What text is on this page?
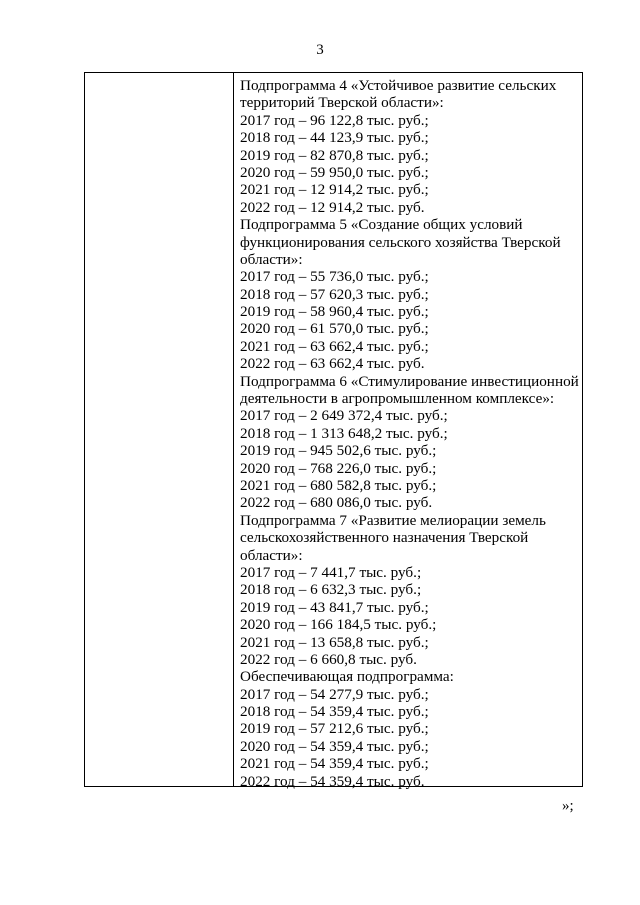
3
Подпрограмма 4 «Устойчивое развитие сельских
территорий Тверской области»:
2017 год – 96 122,8 тыс. руб.;
2018 год – 44 123,9 тыс. руб.;
2019 год – 82 870,8 тыс. руб.;
2020 год – 59 950,0 тыс. руб.;
2021 год – 12 914,2 тыс. руб.;
2022 год – 12 914,2 тыс. руб.
Подпрограмма 5 «Создание общих условий
функционирования сельского хозяйства Тверской
области»:
2017 год – 55 736,0 тыс. руб.;
2018 год – 57 620,3 тыс. руб.;
2019 год – 58 960,4 тыс. руб.;
2020 год – 61 570,0 тыс. руб.;
2021 год – 63 662,4 тыс. руб.;
2022 год – 63 662,4 тыс. руб.
Подпрограмма 6 «Стимулирование инвестиционной
деятельности в агропромышленном комплексе»:
2017 год – 2 649 372,4 тыс. руб.;
2018 год – 1 313 648,2 тыс. руб.;
2019 год – 945 502,6 тыс. руб.;
2020 год – 768 226,0 тыс. руб.;
2021 год – 680 582,8 тыс. руб.;
2022 год – 680 086,0 тыс. руб.
Подпрограмма 7 «Развитие мелиорации земель
сельскохозяйственного назначения Тверской
области»:
2017 год – 7 441,7 тыс. руб.;
2018 год – 6 632,3 тыс. руб.;
2019 год – 43 841,7 тыс. руб.;
2020 год – 166 184,5 тыс. руб.;
2021 год – 13 658,8 тыс. руб.;
2022 год – 6 660,8 тыс. руб.
Обеспечивающая подпрограмма:
2017 год – 54 277,9 тыс. руб.;
2018 год – 54 359,4 тыс. руб.;
2019 год – 57 212,6 тыс. руб.;
2020 год – 54 359,4 тыс. руб.;
2021 год – 54 359,4 тыс. руб.;
2022 год – 54 359,4 тыс. руб.
»;
